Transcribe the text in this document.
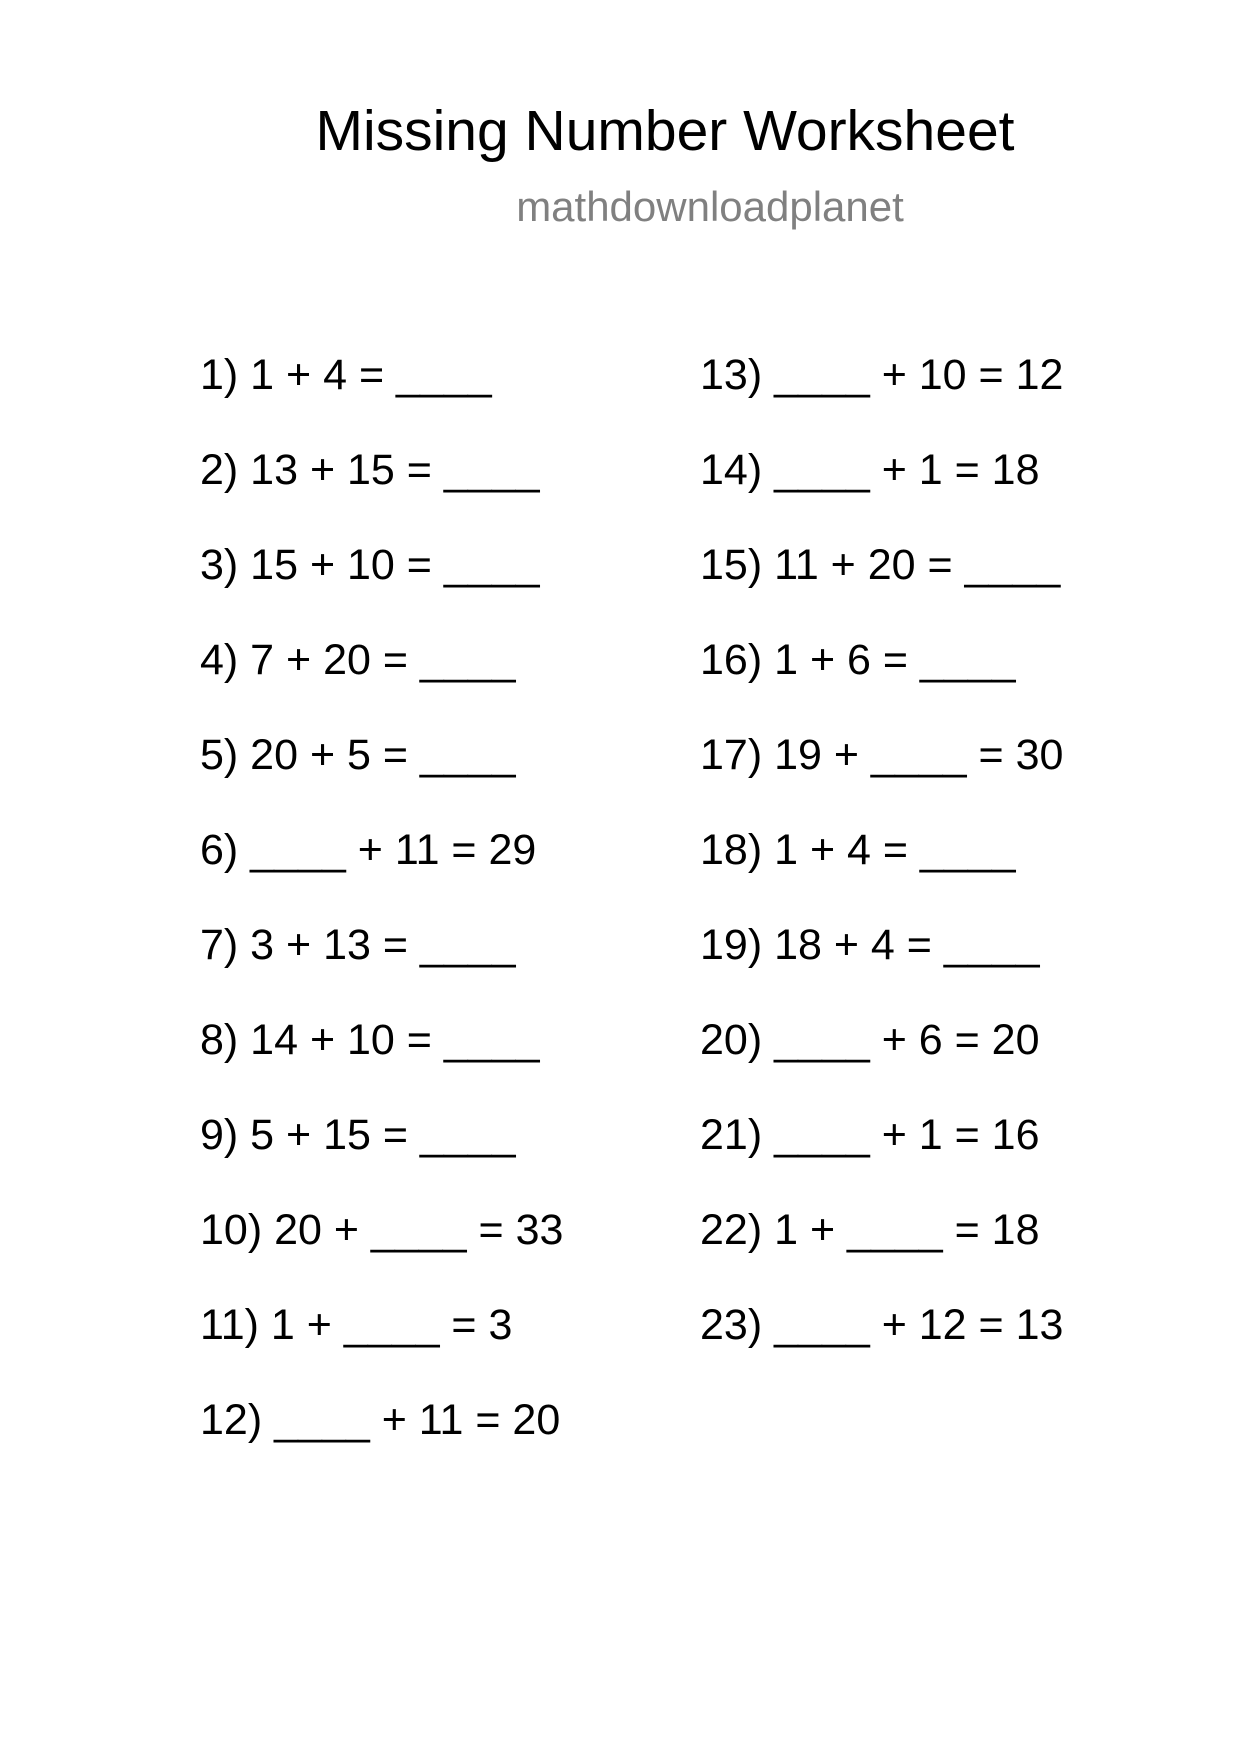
Missing Number Worksheet
mathdownloadplanet
1) 1 + 4 = ____
2) 13 + 15 = ____
3) 15 + 10 = ____
4) 7 + 20 = ____
5) 20 + 5 = ____
6) ____ + 11 = 29
7) 3 + 13 = ____
8) 14 + 10 = ____
9) 5 + 15 = ____
10) 20 + ____ = 33
11) 1 + ____ = 3
12) ____ + 11 = 20
13) ____ + 10 = 12
14) ____ + 1 = 18
15) 11 + 20 = ____
16) 1 + 6 = ____
17) 19 + ____ = 30
18) 1 + 4 = ____
19) 18 + 4 = ____
20) ____ + 6 = 20
21) ____ + 1 = 16
22) 1 + ____ = 18
23) ____ + 12 = 13
